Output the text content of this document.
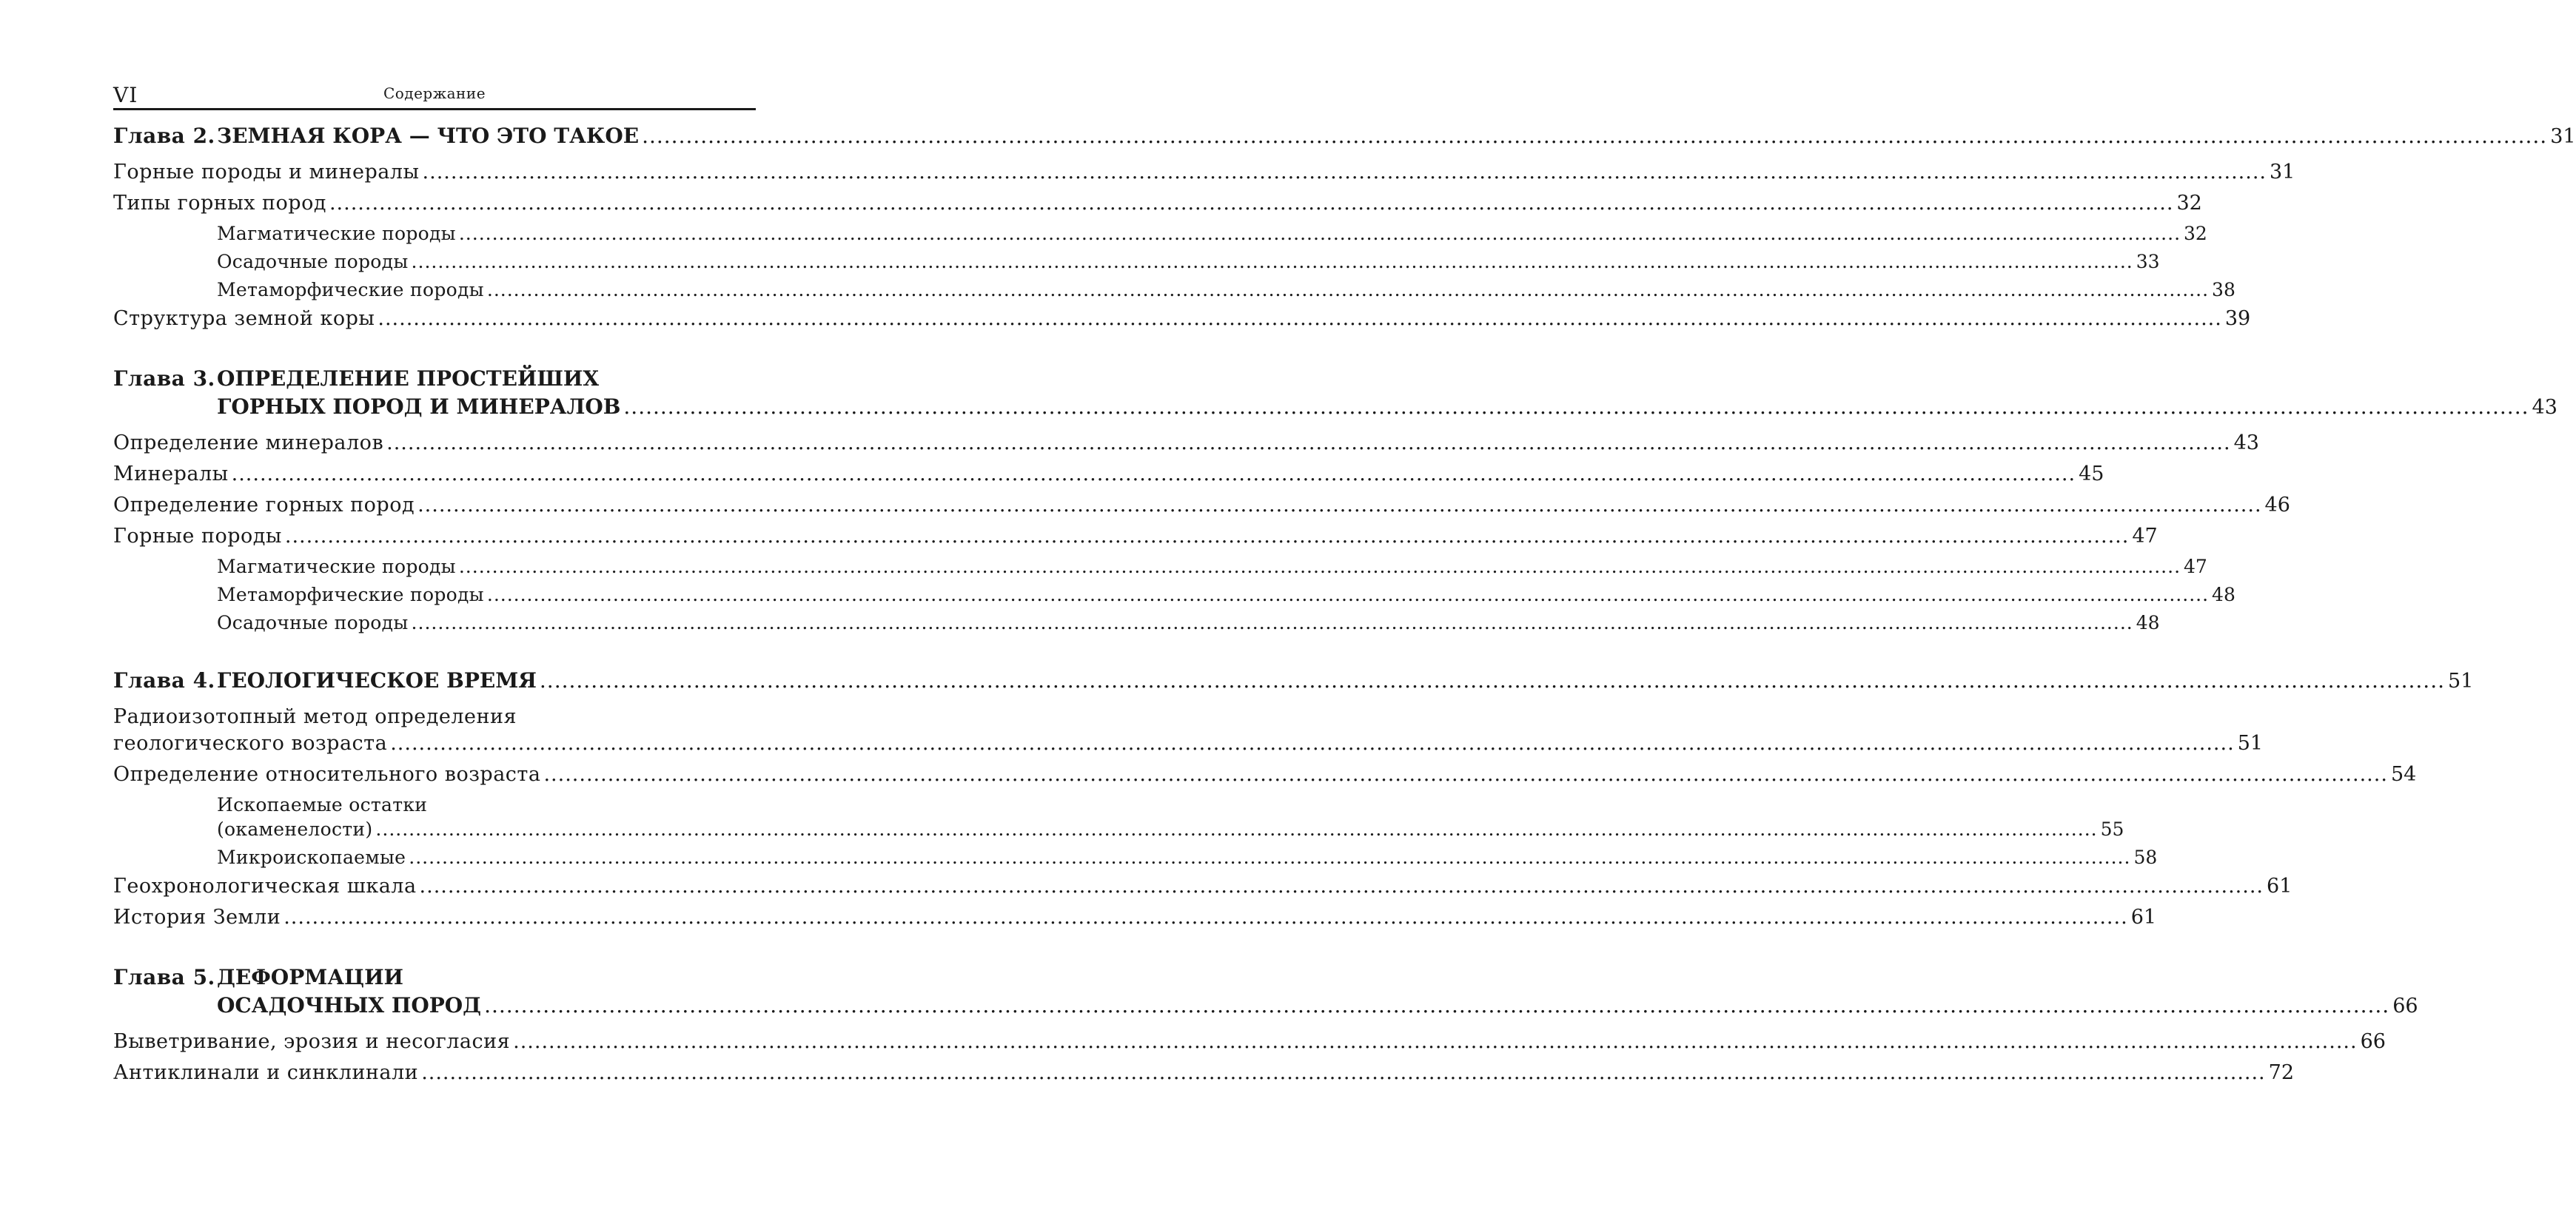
VI	Содержание
Глава 2. ЗЕМНАЯ КОРА — ЧТО ЭТО ТАКОЕ .....	31
Горные породы и минералы .....	31
Типы горных пород .....	32
Магматические породы .....	32
Осадочные породы .....	33
Метаморфические породы .....	38
Структура земной коры .....	39
Глава 3. ОПРЕДЕЛЕНИЕ ПРОСТЕЙШИХ
ГОРНЫХ ПОРОД И МИНЕРАЛОВ .....	43
Определение минералов .....	43
Минералы .....	45
Определение горных пород .....	46
Горные породы .....	47
Магматические породы .....	47
Метаморфические породы .....	48
Осадочные породы .....	48
Глава 4. ГЕОЛОГИЧЕСКОЕ ВРЕМЯ .....	51
Радиоизотопный метод определения
геологического возраста .....	51
Определение относительного возраста .....	54
Ископаемые остатки
(окаменелости) .....	55
Микроископаемые .....	58
Геохронологическая шкала .....	61
История Земли .....	61
Глава 5. ДЕФОРМАЦИИ
ОСАДОЧНЫХ ПОРОД .....	66
Выветривание, эрозия и несогласия .....	66
Антиклинали и синклинали .....	72
